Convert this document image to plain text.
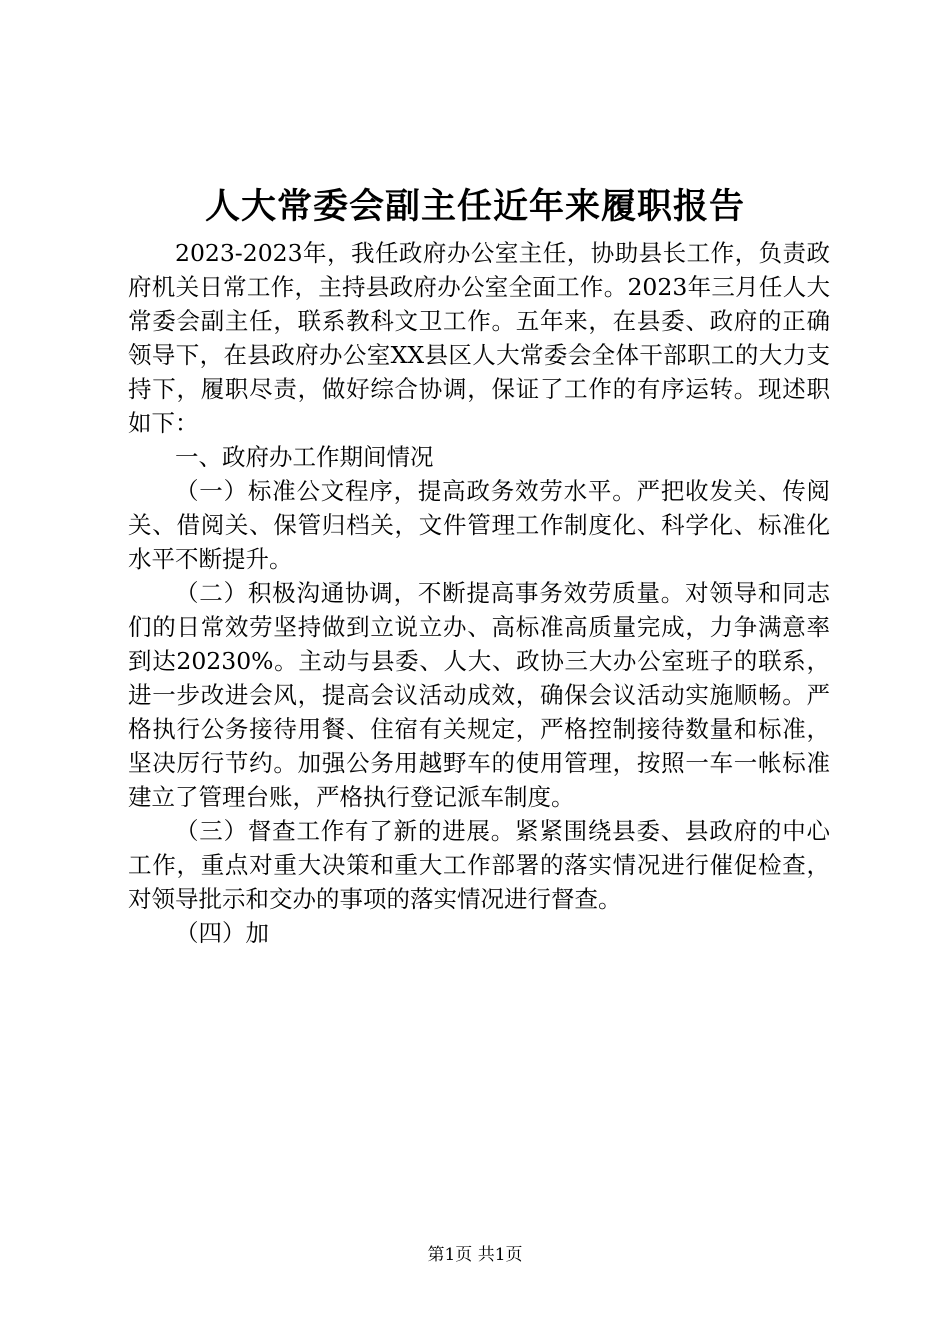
人大常委会副主任近年来履职报告

2023-2023年，我任政府办公室主任，协助县长工作，负责政府机关日常工作，主持县政府办公室全面工作。2023年三月任人大常委会副主任，联系教科文卫工作。五年来，在县委、政府的正确领导下，在县政府办公室XX县区人大常委会全体干部职工的大力支持下，履职尽责，做好综合协调，保证了工作的有序运转。现述职如下：

一、政府办工作期间情况

（一）标准公文程序，提高政务效劳水平。严把收发关、传阅关、借阅关、保管归档关，文件管理工作制度化、科学化、标准化水平不断提升。

（二）积极沟通协调，不断提高事务效劳质量。对领导和同志们的日常效劳坚持做到立说立办、高标准高质量完成，力争满意率到达20230%。主动与县委、人大、政协三大办公室班子的联系，进一步改进会风，提高会议活动成效，确保会议活动实施顺畅。严格执行公务接待用餐、住宿有关规定，严格控制接待数量和标准，坚决厉行节约。加强公务用越野车的使用管理，按照一车一帐标准建立了管理台账，严格执行登记派车制度。

（三）督查工作有了新的进展。紧紧围绕县委、县政府的中心工作，重点对重大决策和重大工作部署的落实情况进行催促检查，对领导批示和交办的事项的落实情况进行督查。

（四）加

第1页 共1页
